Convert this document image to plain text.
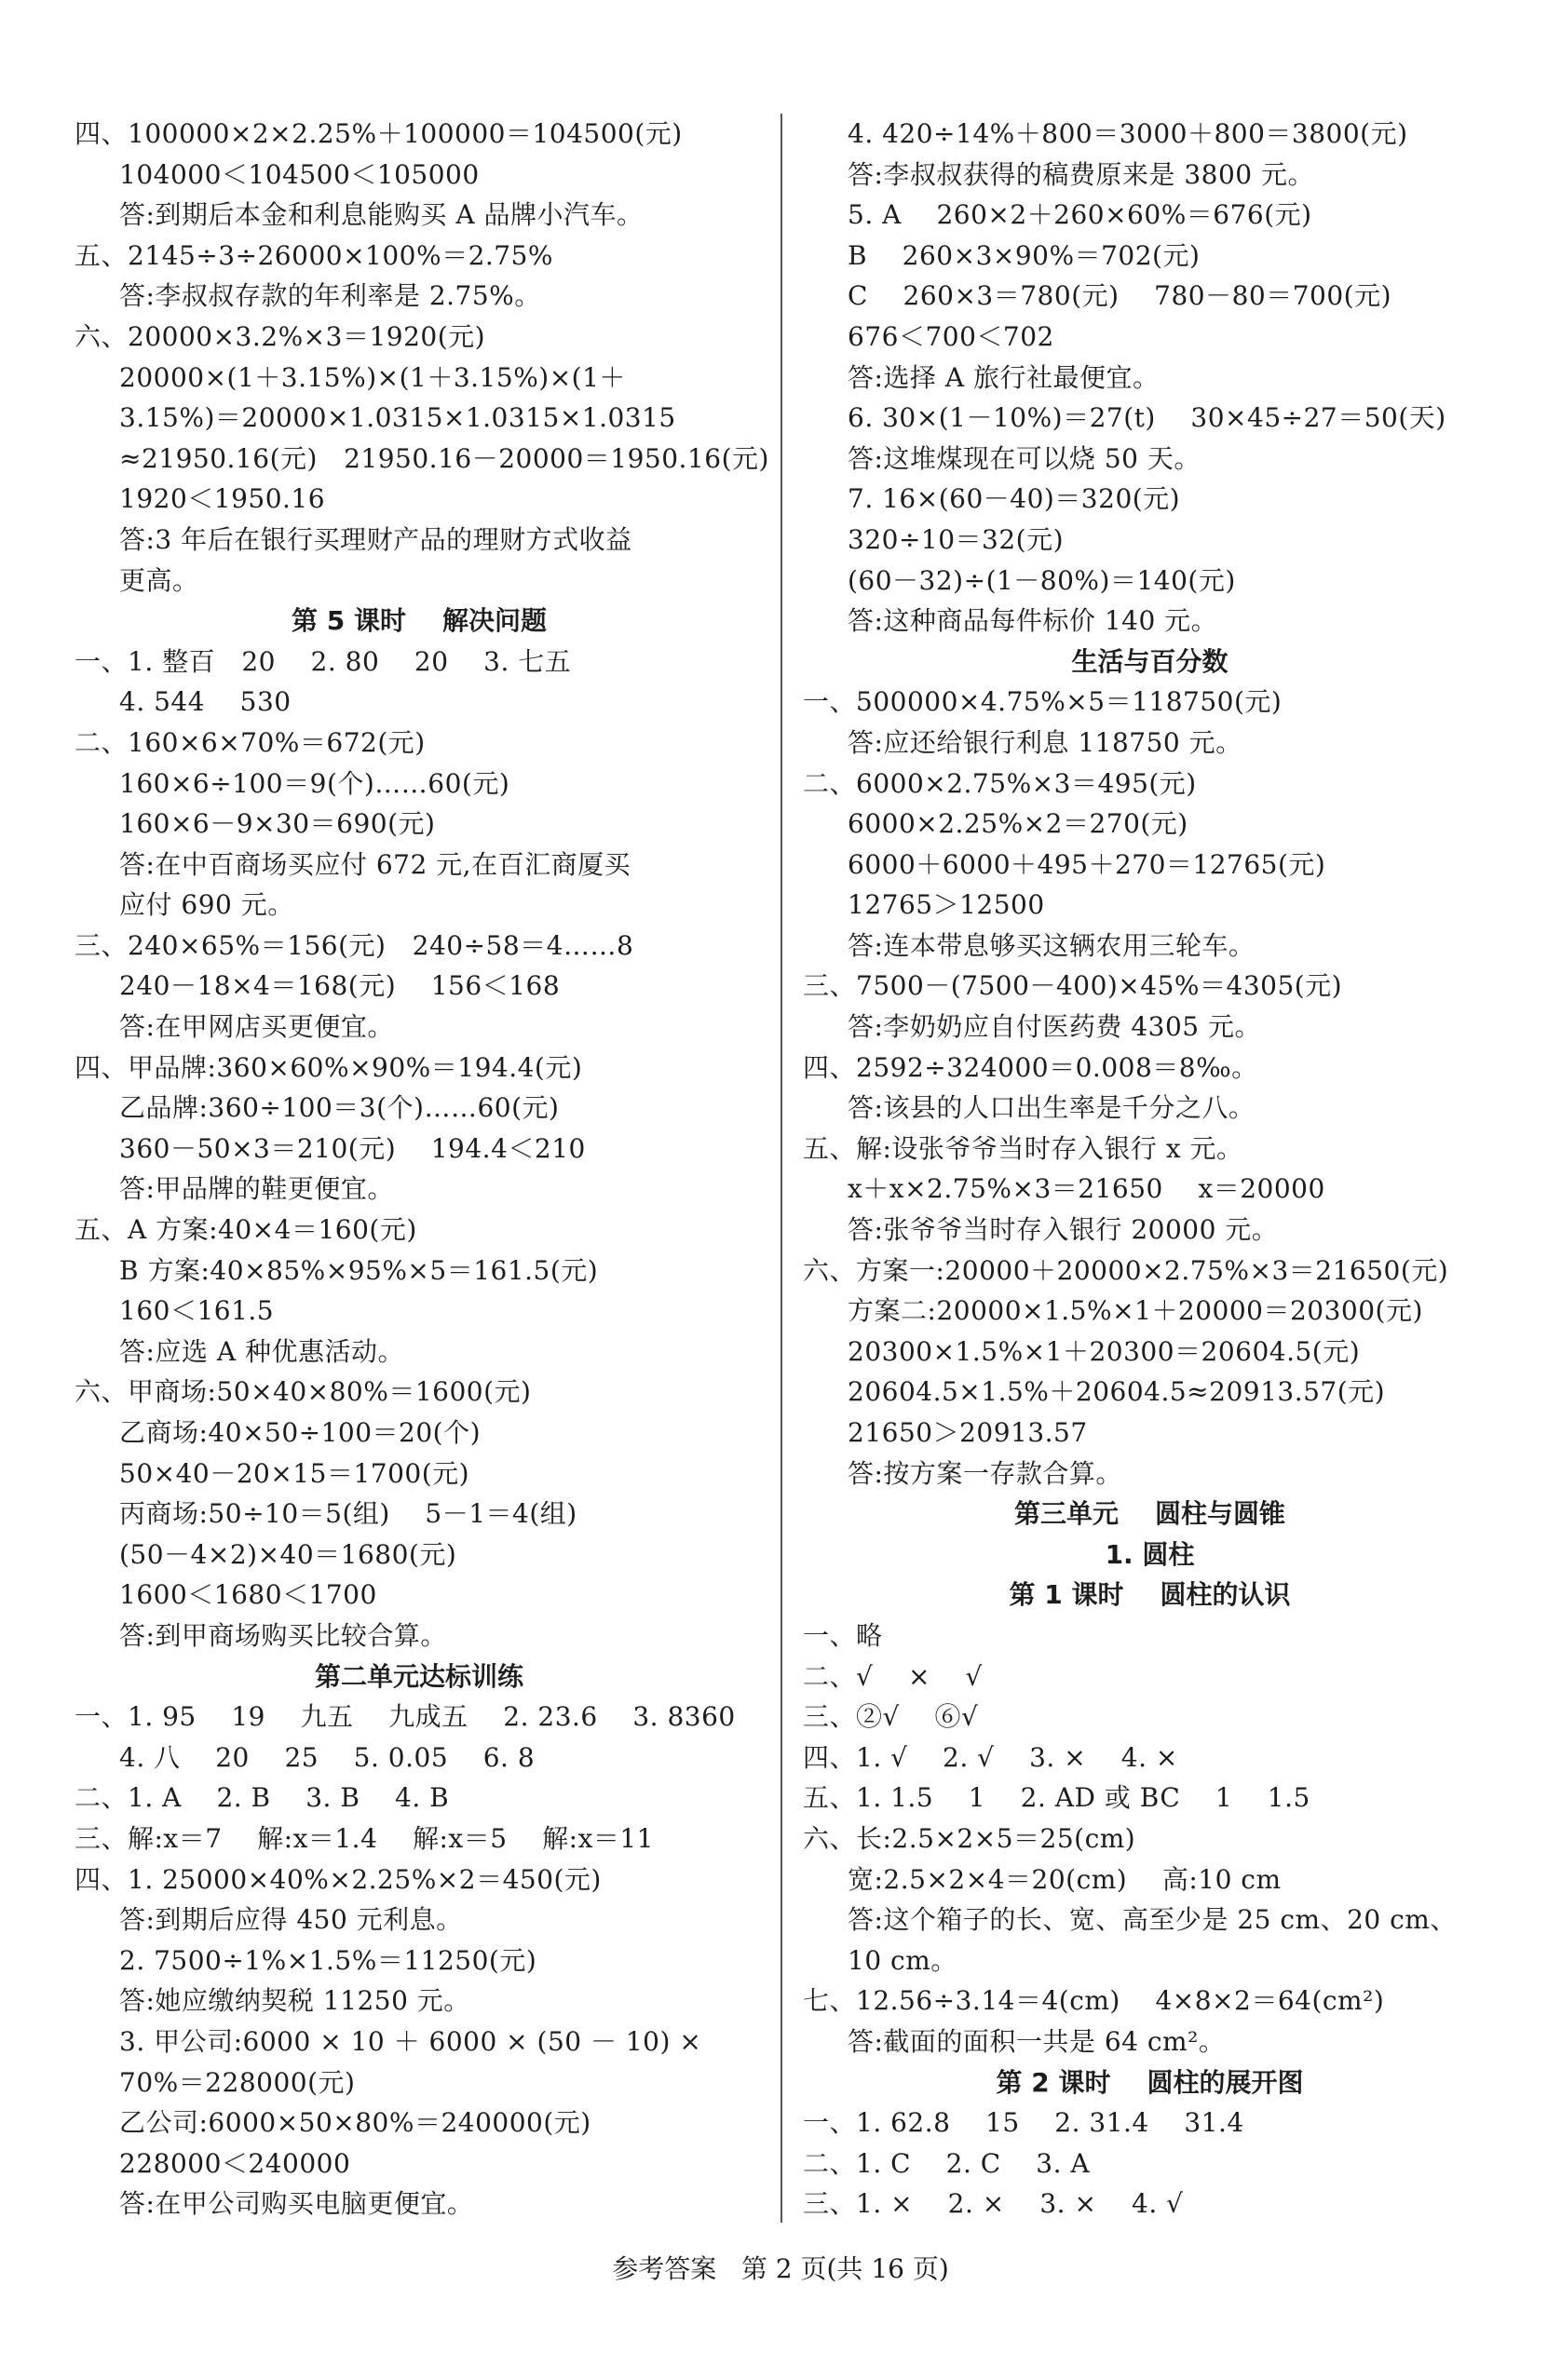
四、100000×2×2.25%＋100000＝104500(元)
104000＜104500＜105000
答:到期后本金和利息能购买 A 品牌小汽车。
五、2145÷3÷26000×100%＝2.75%
答:李叔叔存款的年利率是 2.75%。
六、20000×3.2%×3＝1920(元)
20000×(1＋3.15%)×(1＋3.15%)×(1＋
3.15%)＝20000×1.0315×1.0315×1.0315
≈21950.16(元)   21950.16－20000＝1950.16(元)
1920＜1950.16
答:3 年后在银行买理财产品的理财方式收益
更高。
第 5 课时    解决问题
一、1. 整百   20    2. 80    20    3. 七五
4. 544    530
二、160×6×70%＝672(元)
160×6÷100＝9(个)……60(元)
160×6－9×30＝690(元)
答:在中百商场买应付 672 元,在百汇商厦买
应付 690 元。
三、240×65%＝156(元)   240÷58＝4……8
240－18×4＝168(元)    156＜168
答:在甲网店买更便宜。
四、甲品牌:360×60%×90%＝194.4(元)
乙品牌:360÷100＝3(个)……60(元)
360－50×3＝210(元)    194.4＜210
答:甲品牌的鞋更便宜。
五、A 方案:40×4＝160(元)
B 方案:40×85%×95%×5＝161.5(元)
160＜161.5
答:应选 A 种优惠活动。
六、甲商场:50×40×80%＝1600(元)
乙商场:40×50÷100＝20(个)
50×40－20×15＝1700(元)
丙商场:50÷10＝5(组)    5－1＝4(组)
(50－4×2)×40＝1680(元)
1600＜1680＜1700
答:到甲商场购买比较合算。
第二单元达标训练
一、1. 95    19    九五    九成五    2. 23.6    3. 8360
4. 八    20    25    5. 0.05    6. 8
二、1. A    2. B    3. B    4. B
三、解:x＝7    解:x＝1.4    解:x＝5    解:x＝11
四、1. 25000×40%×2.25%×2＝450(元)
答:到期后应得 450 元利息。
2. 7500÷1%×1.5%＝11250(元)
答:她应缴纳契税 11250 元。
3. 甲公司:6000 × 10 ＋ 6000 × (50 － 10) ×
70%＝228000(元)
乙公司:6000×50×80%＝240000(元)
228000＜240000
答:在甲公司购买电脑更便宜。
4. 420÷14%＋800＝3000＋800＝3800(元)
答:李叔叔获得的稿费原来是 3800 元。
5. A    260×2＋260×60%＝676(元)
B    260×3×90%＝702(元)
C    260×3＝780(元)    780－80＝700(元)
676＜700＜702
答:选择 A 旅行社最便宜。
6. 30×(1－10%)＝27(t)    30×45÷27＝50(天)
答:这堆煤现在可以烧 50 天。
7. 16×(60－40)＝320(元)
320÷10＝32(元)
(60－32)÷(1－80%)＝140(元)
答:这种商品每件标价 140 元。
生活与百分数
一、500000×4.75%×5＝118750(元)
答:应还给银行利息 118750 元。
二、6000×2.75%×3＝495(元)
6000×2.25%×2＝270(元)
6000＋6000＋495＋270＝12765(元)
12765＞12500
答:连本带息够买这辆农用三轮车。
三、7500－(7500－400)×45%＝4305(元)
答:李奶奶应自付医药费 4305 元。
四、2592÷324000＝0.008＝8‰。
答:该县的人口出生率是千分之八。
五、解:设张爷爷当时存入银行 x 元。
x＋x×2.75%×3＝21650    x＝20000
答:张爷爷当时存入银行 20000 元。
六、方案一:20000＋20000×2.75%×3＝21650(元)
方案二:20000×1.5%×1＋20000＝20300(元)
20300×1.5%×1＋20300＝20604.5(元)
20604.5×1.5%＋20604.5≈20913.57(元)
21650＞20913.57
答:按方案一存款合算。
第三单元    圆柱与圆锥
1. 圆柱
第 1 课时    圆柱的认识
一、略
二、√    ×    √
三、②√    ⑥√
四、1. √    2. √    3. ×    4. ×
五、1. 1.5    1    2. AD 或 BC    1    1.5
六、长:2.5×2×5＝25(cm)
宽:2.5×2×4＝20(cm)    高:10 cm
答:这个箱子的长、宽、高至少是 25 cm、20 cm、
10 cm。
七、12.56÷3.14＝4(cm)    4×8×2＝64(cm²)
答:截面的面积一共是 64 cm²。
第 2 课时    圆柱的展开图
一、1. 62.8    15    2. 31.4    31.4
二、1. C    2. C    3. A
三、1. ×    2. ×    3. ×    4. √
参考答案   第 2 页(共 16 页)
